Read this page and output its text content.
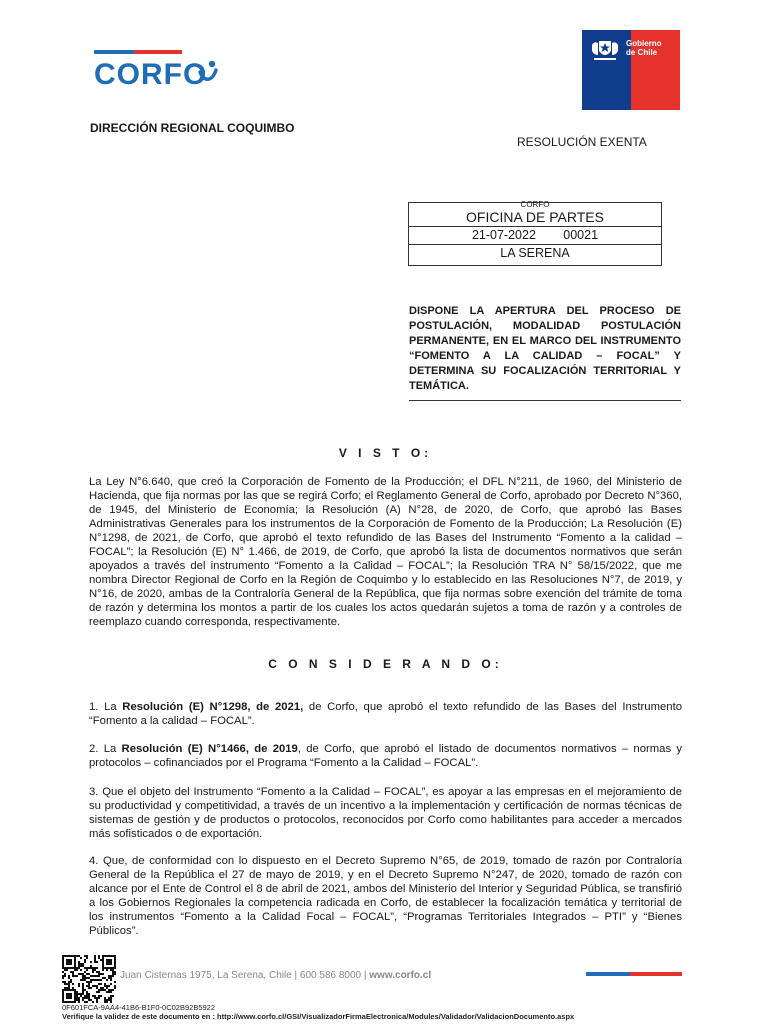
CORFO
Gobierno
de Chile
DIRECCIÓN REGIONAL COQUIMBO
RESOLUCIÓN EXENTA
CORFO
OFICINA DE PARTES
21-07-2022 00021
LA SERENA
DISPONE LA APERTURA DEL PROCESO DE POSTULACIÓN, MODALIDAD POSTULACIÓN PERMANENTE, EN EL MARCO DEL INSTRUMENTO “FOMENTO A LA CALIDAD – FOCAL” Y DETERMINA SU FOCALIZACIÓN TERRITORIAL Y TEMÁTICA.
V I S T O:
La Ley N°6.640, que creó la Corporación de Fomento de la Producción; el DFL N°211, de 1960, del Ministerio de Hacienda, que fija normas por las que se regirá Corfo; el Reglamento General de Corfo, aprobado por Decreto N°360, de 1945, del Ministerio de Economía; la Resolución (A) N°28, de 2020, de Corfo, que aprobó las Bases Administrativas Generales para los instrumentos de la Corporación de Fomento de la Producción; La Resolución (E) N°1298, de 2021, de Corfo, que aprobó el texto refundido de las Bases del Instrumento “Fomento a la calidad – FOCAL”; la Resolución (E) N° 1.466, de 2019, de Corfo, que aprobó la lista de documentos normativos que serán apoyados a través del instrumento “Fomento a la Calidad – FOCAL”; la Resolución TRA N° 58/15/2022, que me nombra Director Regional de Corfo en la Región de Coquimbo y lo establecido en las Resoluciones N°7, de 2019, y N°16, de 2020, ambas de la Contraloría General de la República, que fija normas sobre exención del trámite de toma de razón y determina los montos a partir de los cuales los actos quedarán sujetos a toma de razón y a controles de reemplazo cuando corresponda, respectivamente.
C O N S I D E R A N D O:
1. La Resolución (E) N°1298, de 2021, de Corfo, que aprobó el texto refundido de las Bases del Instrumento “Fomento a la calidad – FOCAL”.
2. La Resolución (E) N°1466, de 2019, de Corfo, que aprobó el listado de documentos normativos – normas y protocolos – cofinanciados por el Programa “Fomento a la Calidad – FOCAL”.
3. Que el objeto del Instrumento “Fomento a la Calidad – FOCAL”, es apoyar a las empresas en el mejoramiento de su productividad y competitividad, a través de un incentivo a la implementación y certificación de normas técnicas de sistemas de gestión y de productos o protocolos, reconocidos por Corfo como habilitantes para acceder a mercados más sofisticados o de exportación.
4. Que, de conformidad con lo dispuesto en el Decreto Supremo N°65, de 2019, tomado de razón por Contraloría General de la República el 27 de mayo de 2019, y en el Decreto Supremo N°247, de 2020, tomado de razón con alcance por el Ente de Control el 8 de abril de 2021, ambos del Ministerio del Interior y Seguridad Pública, se transfirió a los Gobiernos Regionales la competencia radicada en Corfo, de establecer la focalización temática y territorial de los instrumentos “Fomento a la Calidad Focal – FOCAL”, “Programas Territoriales Integrados – PTI” y “Bienes Públicos”.
Juan Cisternas 1975, La Serena, Chile | 600 586 8000 | www.corfo.cl
0F601FCA-9AA4-41B6-B1F0-0C02B92B5922
Verifique la validez de este documento en : http://www.corfo.cl/GSI/VisualizadorFirmaElectronica/Modules/Validador/ValidacionDocumento.aspx
